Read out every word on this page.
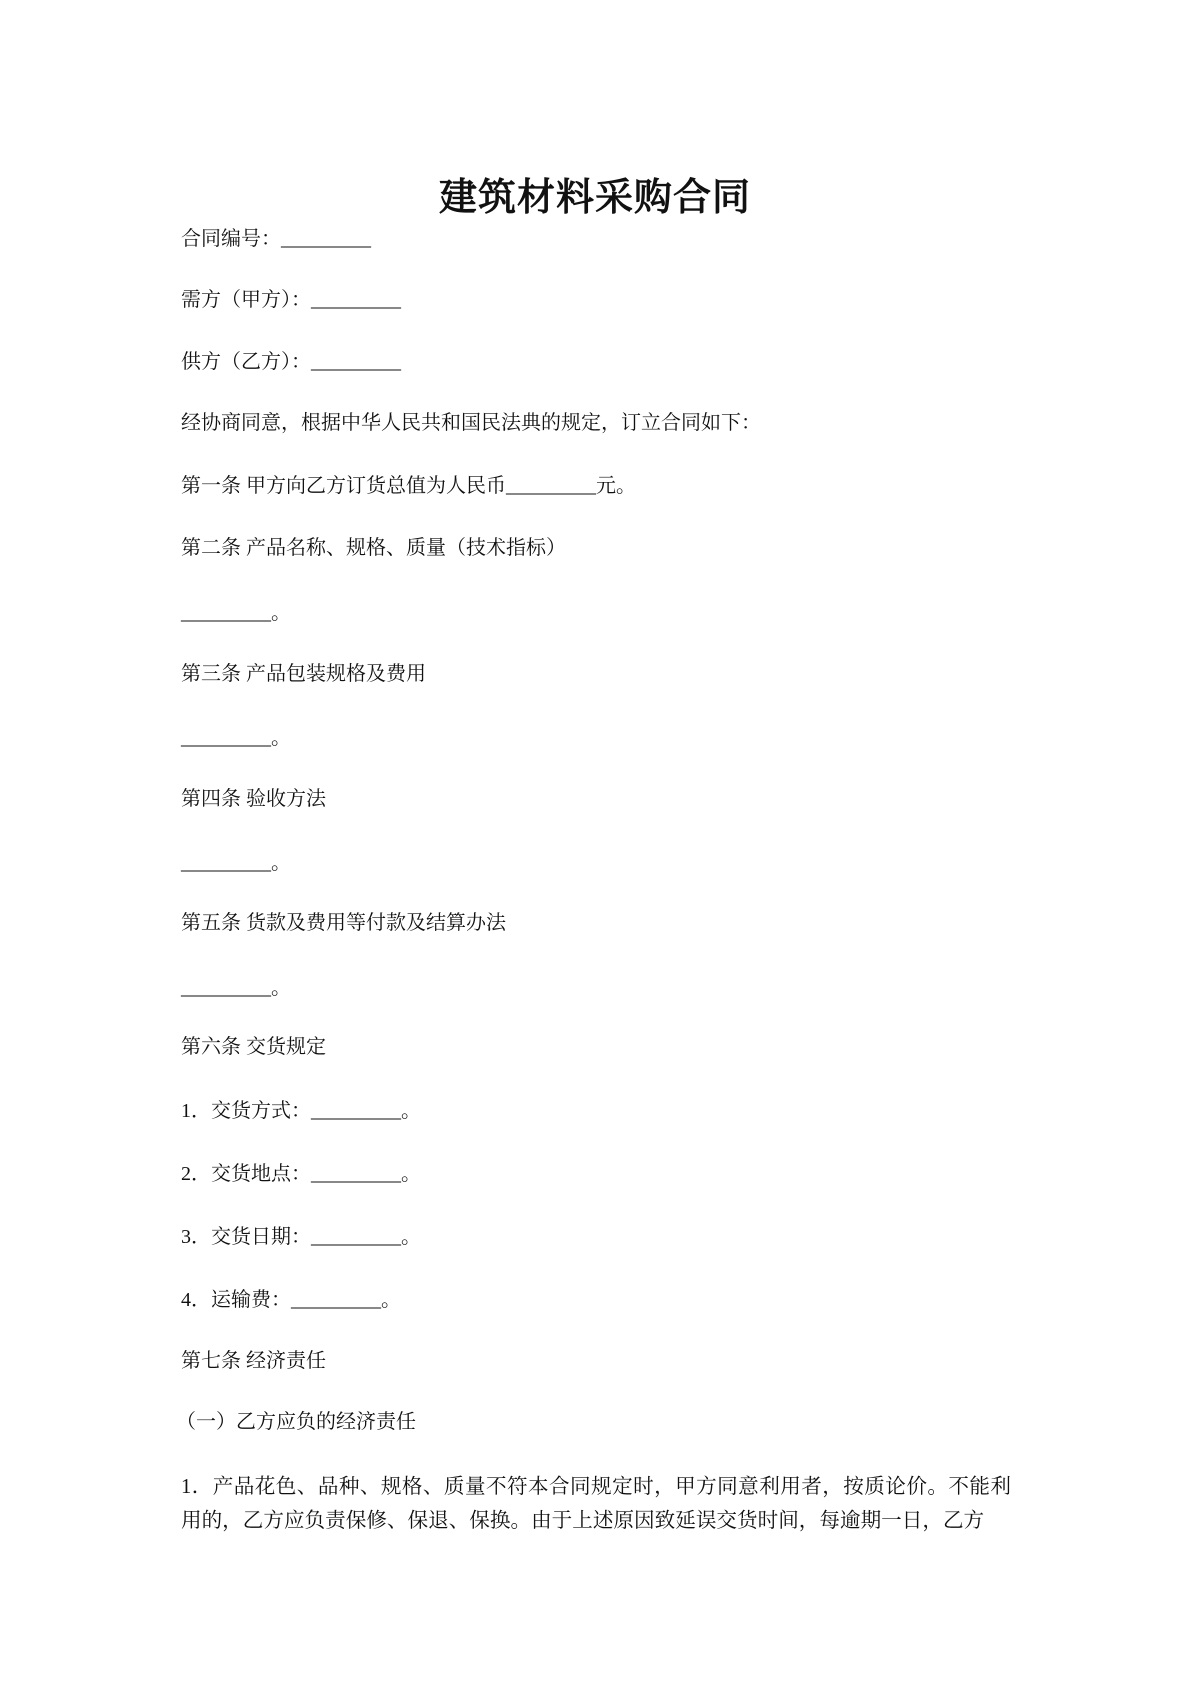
建筑材料采购合同
合同编号：_________
需方（甲方）：_________
供方（乙方）：_________
经协商同意，根据中华人民共和国民法典的规定，订立合同如下：
第一条 甲方向乙方订货总值为人民币_________元。
第二条 产品名称、规格、质量（技术指标）
_________。
第三条 产品包装规格及费用
_________。
第四条 验收方法
_________。
第五条 货款及费用等付款及结算办法
_________。
第六条 交货规定
1．交货方式：_________。
2．交货地点：_________。
3．交货日期：_________。
4．运输费：_________。
第七条 经济责任
（一）乙方应负的经济责任
1．产品花色、品种、规格、质量不符本合同规定时，甲方同意利用者，按质论价。不能利用的，乙方应负责保修、保退、保换。由于上述原因致延误交货时间，每逾期一日，乙方
